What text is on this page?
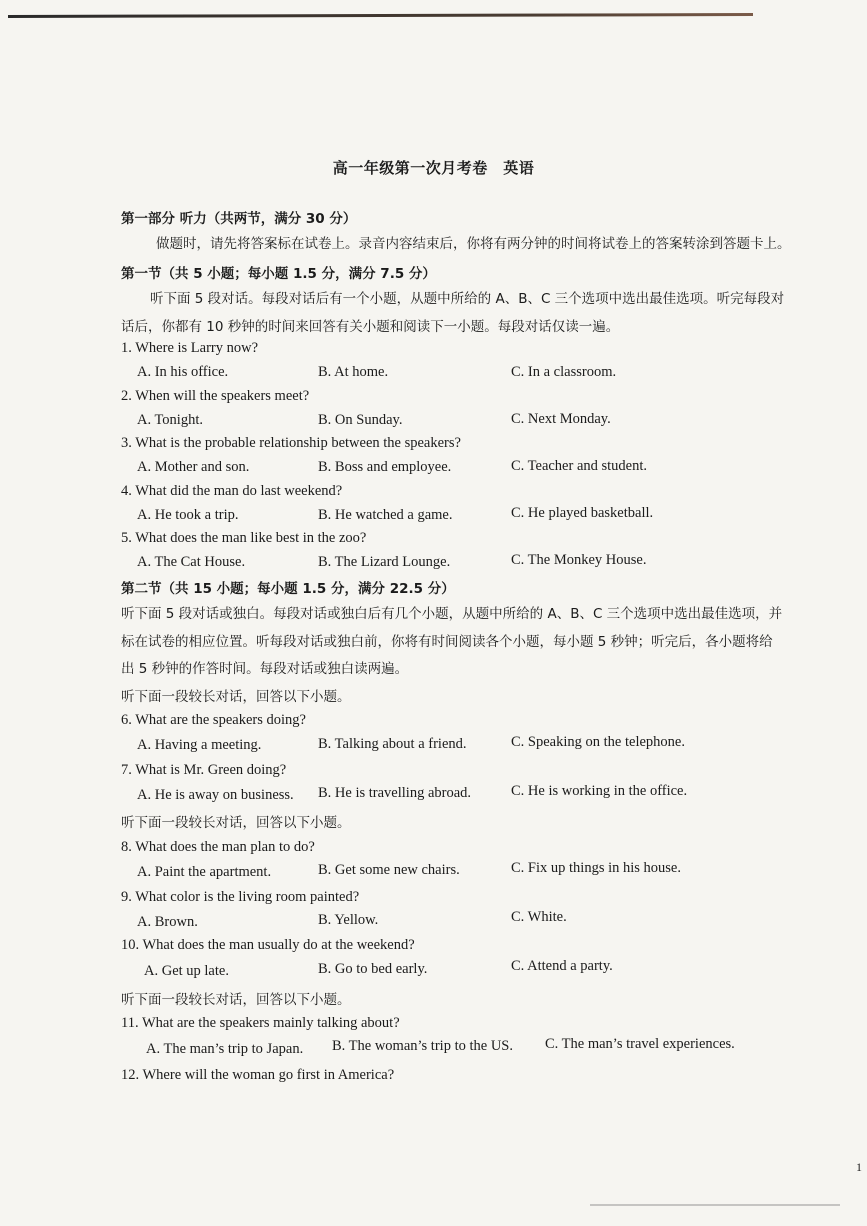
高一年级第一次月考卷　英语
第一部分 听力（共两节，满分 30 分）
做题时，请先将答案标在试卷上。录音内容结束后，你将有两分钟的时间将试卷上的答案转涂到答题卡上。
第一节（共 5 小题；每小题 1.5 分，满分 7.5 分）
听下面 5 段对话。每段对话后有一个小题，从题中所给的 A、B、C 三个选项中选出最佳选项。听完每段对
话后，你都有 10 秒钟的时间来回答有关小题和阅读下一小题。每段对话仅读一遍。
1. Where is Larry now?
A. In his office.	B. At home.	C. In a classroom.
2. When will the speakers meet?
A. Tonight.	B. On Sunday.	C. Next Monday.
3. What is the probable relationship between the speakers?
A. Mother and son.	B. Boss and employee.	C. Teacher and student.
4. What did the man do last weekend?
A. He took a trip.	B. He watched a game.	C. He played basketball.
5. What does the man like best in the zoo?
A. The Cat House.	B. The Lizard Lounge.	C. The Monkey House.
第二节（共 15 小题；每小题 1.5 分，满分 22.5 分）
听下面 5 段对话或独白。每段对话或独白后有几个小题，从题中所给的 A、B、C 三个选项中选出最佳选项，并
标在试卷的相应位置。听每段对话或独白前，你将有时间阅读各个小题，每小题 5 秒钟；听完后，各小题将给
出 5 秒钟的作答时间。每段对话或独白读两遍。
听下面一段较长对话，回答以下小题。
6. What are the speakers doing?
A. Having a meeting.	B. Talking about a friend.	C. Speaking on the telephone.
7. What is Mr. Green doing?
A. He is away on business. B. He is travelling abroad.	C. He is working in the office.
听下面一段较长对话，回答以下小题。
8. What does the man plan to do?
A. Paint the apartment.	B. Get some new chairs.	C. Fix up things in his house.
9. What color is the living room painted?
A. Brown.	B. Yellow.	C. White.
10. What does the man usually do at the weekend?
A. Get up late.	B. Go to bed early.	C. Attend a party.
听下面一段较长对话，回答以下小题。
11. What are the speakers mainly talking about?
A. The man’s trip to Japan. B. The woman’s trip to the US. C. The man’s travel experiences.
12. Where will the woman go first in America?
1
